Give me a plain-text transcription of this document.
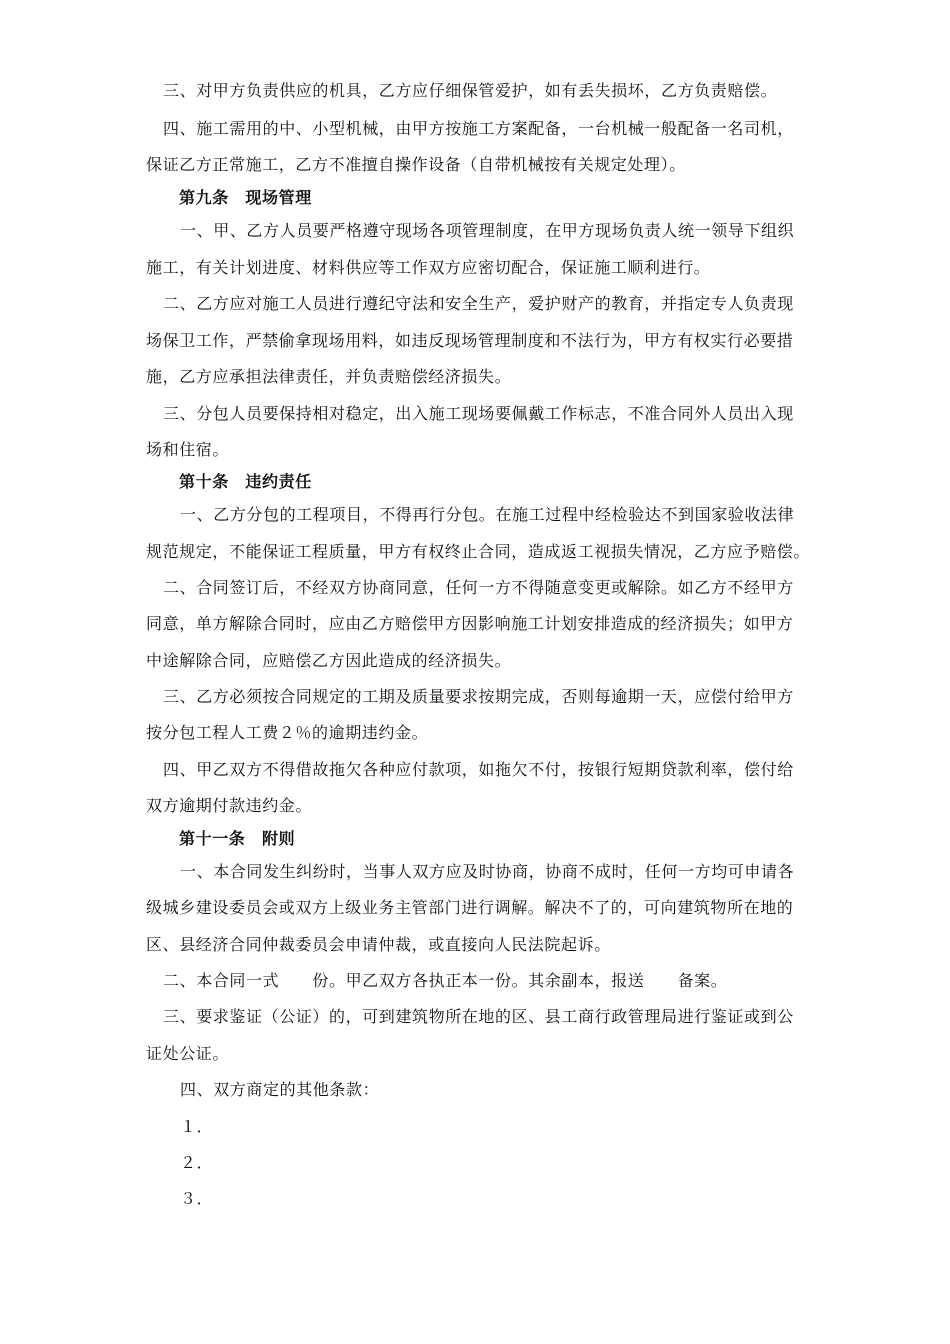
三、对甲方负责供应的机具，乙方应仔细保管爱护，如有丢失损坏，乙方负责赔偿。

四、施工需用的中、小型机械，由甲方按施工方案配备，一台机械一般配备一名司机，

保证乙方正常施工，乙方不准擅自操作设备（自带机械按有关规定处理）。

第九条　现场管理

一、甲、乙方人员要严格遵守现场各项管理制度，在甲方现场负责人统一领导下组织

施工，有关计划进度、材料供应等工作双方应密切配合，保证施工顺利进行。

二、乙方应对施工人员进行遵纪守法和安全生产，爱护财产的教育，并指定专人负责现

场保卫工作，严禁偷拿现场用料，如违反现场管理制度和不法行为，甲方有权实行必要措

施，乙方应承担法律责任，并负责赔偿经济损失。

三、分包人员要保持相对稳定，出入施工现场要佩戴工作标志，不准合同外人员出入现

场和住宿。

第十条　违约责任

一、乙方分包的工程项目，不得再行分包。在施工过程中经检验达不到国家验收法律

规范规定，不能保证工程质量，甲方有权终止合同，造成返工视损失情况，乙方应予赔偿。

二、合同签订后，不经双方协商同意，任何一方不得随意变更或解除。如乙方不经甲方

同意，单方解除合同时，应由乙方赔偿甲方因影响施工计划安排造成的经济损失；如甲方

中途解除合同，应赔偿乙方因此造成的经济损失。

三、乙方必须按合同规定的工期及质量要求按期完成，否则每逾期一天，应偿付给甲方

按分包工程人工费２％的逾期违约金。

四、甲乙双方不得借故拖欠各种应付款项，如拖欠不付，按银行短期贷款利率，偿付给

双方逾期付款违约金。

第十一条　附则

一、本合同发生纠纷时，当事人双方应及时协商，协商不成时，任何一方均可申请各

级城乡建设委员会或双方上级业务主管部门进行调解。解决不了的，可向建筑物所在地的

区、县经济合同仲裁委员会申请仲裁，或直接向人民法院起诉。

二、本合同一式　　份。甲乙双方各执正本一份。其余副本，报送　　备案。

三、要求鉴证（公证）的，可到建筑物所在地的区、县工商行政管理局进行鉴证或到公

证处公证。

四、双方商定的其他条款：

１．

２．

３．
